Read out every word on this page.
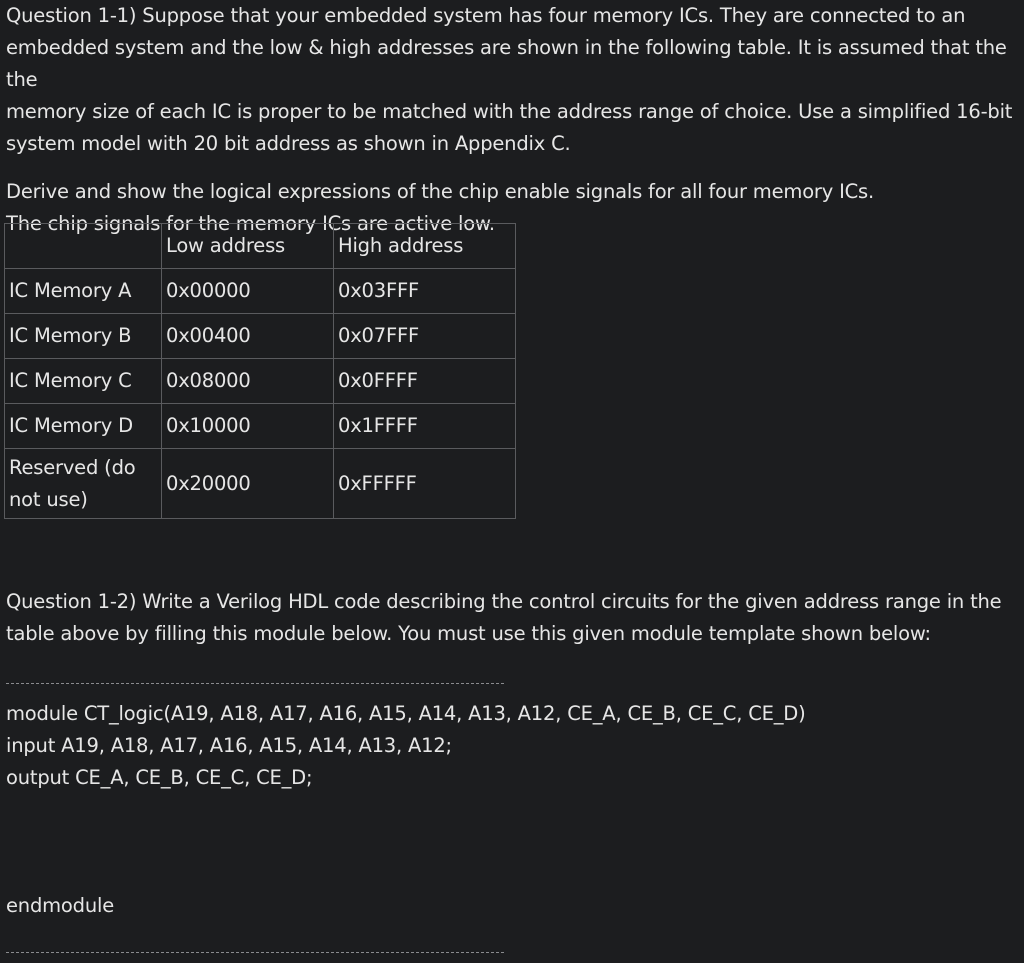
Question 1-1) Suppose that your embedded system has four memory ICs. They are connected to an
embedded system and the low & high addresses are shown in the following table. It is assumed that the the
memory size of each IC is proper to be matched with the address range of choice. Use a simplified 16-bit
system model with 20 bit address as shown in Appendix C.

Derive and show the logical expressions of the chip enable signals for all four memory ICs.
The chip signals for the memory ICs are active low.

	Low address	High address
IC Memory A	0x00000	0x03FFF
IC Memory B	0x00400	0x07FFF
IC Memory C	0x08000	0x0FFFF
IC Memory D	0x10000	0x1FFFF
Reserved (do
not use)	0x20000	0xFFFFF
Question 1-2) Write a Verilog HDL code describing the control circuits for the given address range in the
table above by filling this module below. You must use this given module template shown below:
module CT_logic(A19, A18, A17, A16, A15, A14, A13, A12, CE_A, CE_B, CE_C, CE_D)
input A19, A18, A17, A16, A15, A14, A13, A12;
output CE_A, CE_B, CE_C, CE_D;
endmodule
